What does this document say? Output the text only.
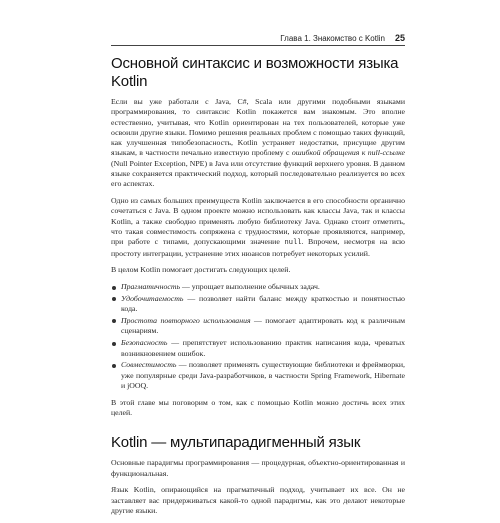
Глава 1. Знакомство с Kotlin 25
Основной синтаксис и возможности языка Kotlin

Если вы уже работали с Java, C#, Scala или другими подобными языками программирования, то синтаксис Kotlin покажется вам знакомым. Это вполне естественно, учитывая, что Kotlin ориентирован на тех пользователей, которые уже освоили другие языки. Помимо решения реальных проблем с помощью таких функций, как улучшенная типобезопасность, Kotlin устраняет недостатки, присущие другим языкам, в частности печально известную проблему с ошибкой обращения к null-ссылке (Null Pointer Exception, NPE) в Java или отсутствие функций верхнего уровня. В данном языке сохраняется практический подход, который последовательно реализуется во всех его аспектах.

Одно из самых больших преимуществ Kotlin заключается в его способности органично сочетаться с Java. В одном проекте можно использовать как классы Java, так и классы Kotlin, а также свободно применять любую библиотеку Java. Однако стоит отметить, что такая совместимость сопряжена с трудностями, которые проявляются, например, при работе с типами, допускающими значение null. Впрочем, несмотря на всю простоту интеграции, устранение этих нюансов потребует некоторых усилий.

В целом Kotlin помогает достигать следующих целей.

Прагматичность — упрощает выполнение обычных задач.
Удобочитаемость — позволяет найти баланс между краткостью и понятностью кода.
Простота повторного использования — помогает адаптировать код к различным сценариям.
Безопасность — препятствует использованию практик написания кода, чреватых возникновением ошибок.
Совместимость — позволяет применять существующие библиотеки и фреймворки, уже популярные среди Java-разработчиков, в частности Spring Framework, Hibernate и jOOQ.

В этой главе мы поговорим о том, как с помощью Kotlin можно достичь всех этих целей.

Kotlin — мультипарадигменный язык

Основные парадигмы программирования — процедурная, объектно-ориентированная и функциональная.

Язык Kotlin, опирающийся на прагматичный подход, учитывает их все. Он не заставляет вас придерживаться какой-то одной парадигмы, как это делают некоторые другие языки.
